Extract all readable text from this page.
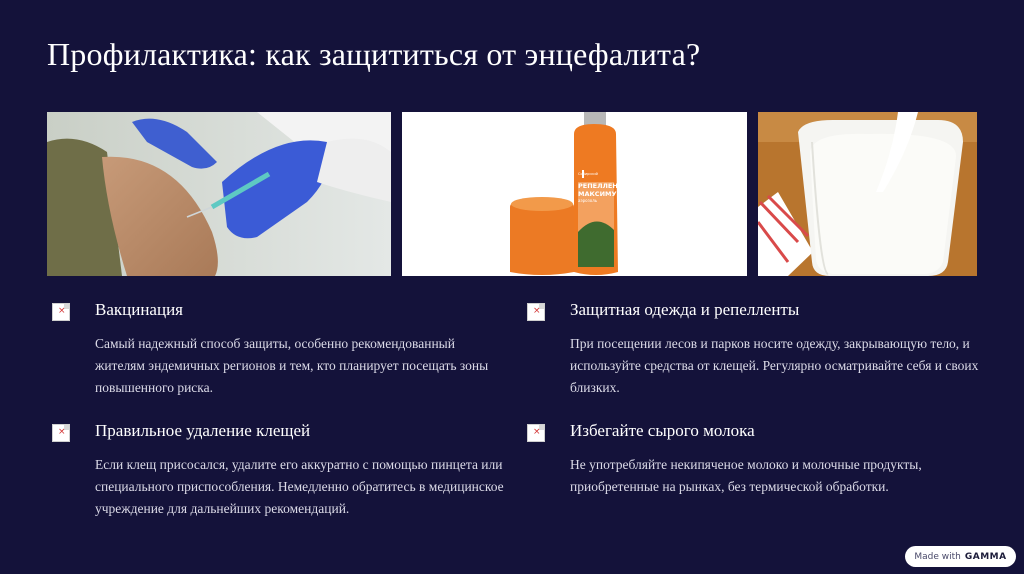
Профилактика: как защититься от энцефалита?
Сибирский
РЕПЕЛЛЕНТ
МАКСИМУМ
аэрозоль
×
Вакцинация
Самый надежный способ защиты, особенно рекомендованный жителям эндемичных регионов и тем, кто планирует посещать зоны повышенного риска.
×
Защитная одежда и репелленты
При посещении лесов и парков носите одежду, закрывающую тело, и используйте средства от клещей. Регулярно осматривайте себя и своих близких.
×
Правильное удаление клещей
Если клещ присосался, удалите его аккуратно с помощью пинцета или специального приспособления. Немедленно обратитесь в медицинское учреждение для дальнейших рекомендаций.
×
Избегайте сырого молока
Не употребляйте некипяченое молоко и молочные продукты, приобретенные на рынках, без термической обработки.
Made with GAMMA
